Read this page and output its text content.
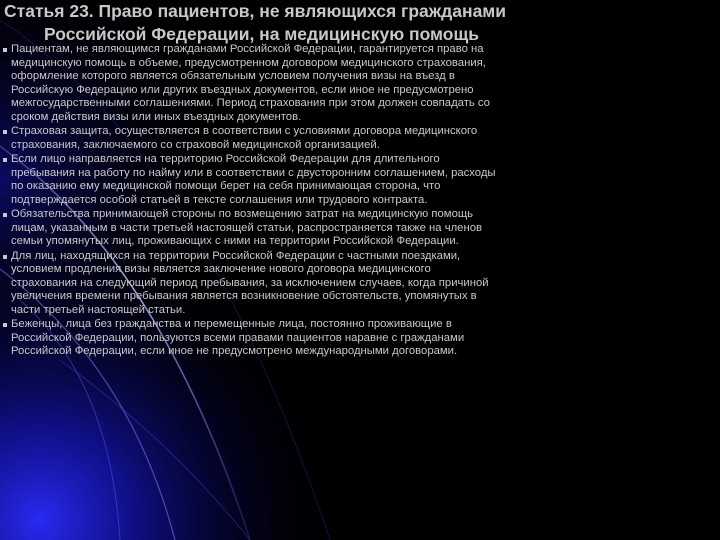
Статья 23. Право пациентов, не являющихся гражданами
Российской Федерации, на медицинскую помощь
Пациентам, не являющимся гражданами Российской Федерации, гарантируется право на
медицинскую помощь в объеме, предусмотренном договором медицинского страхования,
оформление которого является обязательным условием получения визы на въезд в
Российскую Федерацию или других въездных документов, если иное не предусмотрено
межгосударственными соглашениями. Период страхования при этом должен совпадать со
сроком действия визы или иных въездных документов.
Страховая защита, осуществляется в соответствии с условиями договора медицинского
страхования, заключаемого со страховой медицинской организацией.
Если лицо направляется на территорию Российской Федерации для длительного
пребывания на работу по найму или в соответствии с двусторонним соглашением, расходы
по оказанию ему медицинской помощи берет на себя принимающая сторона, что
подтверждается особой статьей в тексте соглашения или трудового контракта.
Обязательства принимающей стороны по возмещению затрат на медицинскую помощь
лицам, указанным в части третьей настоящей статьи, распространяется также на членов
семьи упомянутых лиц, проживающих с ними на территории Российской Федерации.
Для лиц, находящихся на территории Российской Федерации с частными поездками,
условием продления визы является заключение нового договора медицинского
страхования на следующий период пребывания, за исключением случаев, когда причиной
увеличения времени пребывания является возникновение обстоятельств, упомянутых в
части третьей настоящей статьи.
Беженцы, лица без гражданства и перемещенные лица, постоянно проживающие в
Российской Федерации, пользуются всеми правами пациентов наравне с гражданами
Российской Федерации, если иное не предусмотрено международными договорами.
